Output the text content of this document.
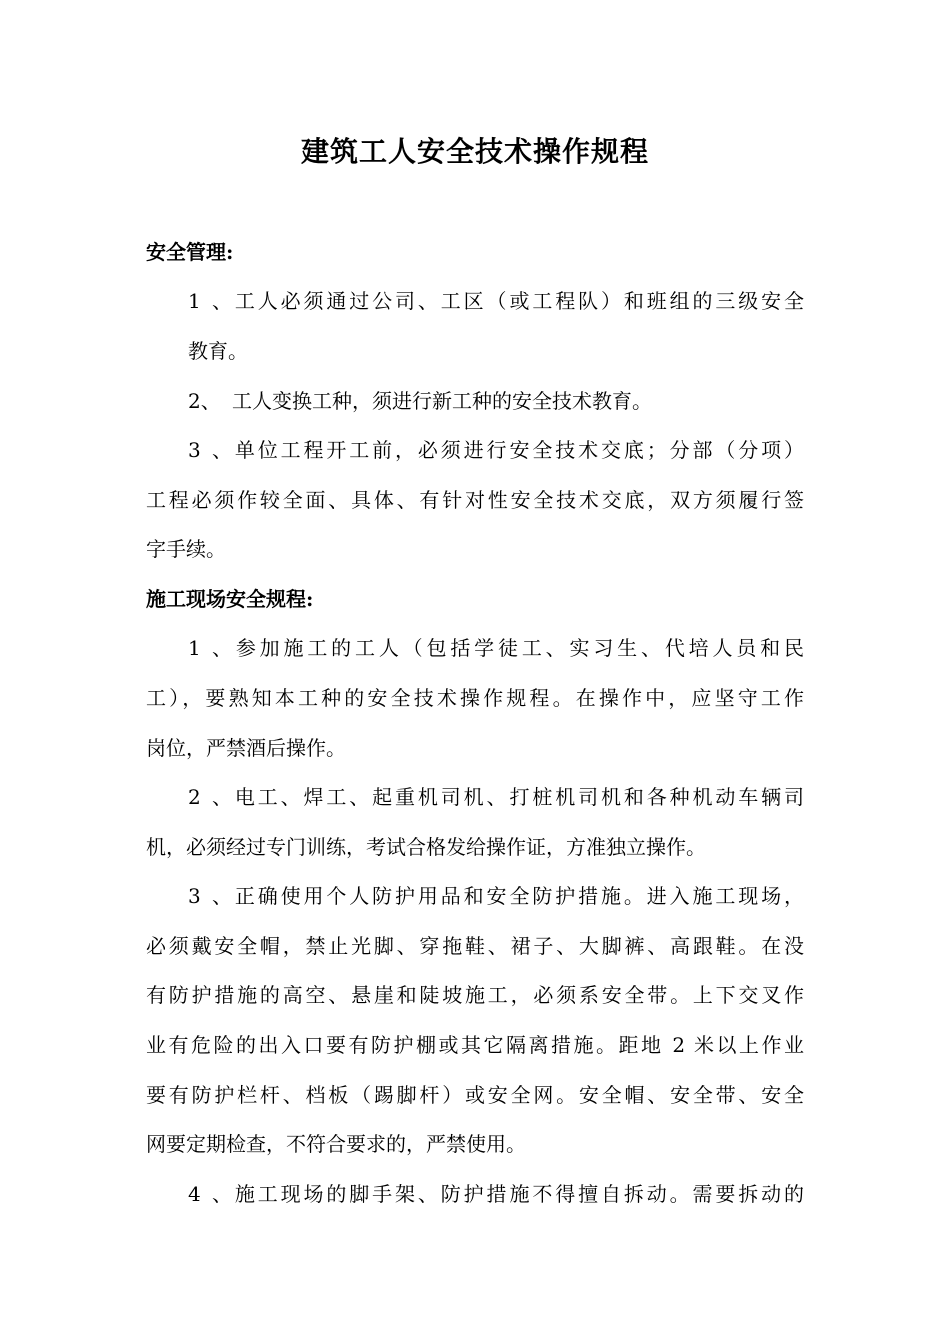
建筑工人安全技术操作规程
安全管理:
1、工人必须通过公司、工区（或工程队）和班组的三级安全
教育。
2、 工人变换工种，须进行新工种的安全技术教育。
3、单位工程开工前，必须进行安全技术交底；分部（分项）
工程必须作较全面、具体、有针对性安全技术交底，双方须履行签
字手续。
施工现场安全规程:
1、参加施工的工人（包括学徒工、实习生、代培人员和民
工），要熟知本工种的安全技术操作规程。在操作中，应坚守工作
岗位，严禁酒后操作。
2、电工、焊工、起重机司机、打桩机司机和各种机动车辆司
机，必须经过专门训练，考试合格发给操作证，方准独立操作。
3、正确使用个人防护用品和安全防护措施。进入施工现场，
必须戴安全帽，禁止光脚、穿拖鞋、裙子、大脚裤、高跟鞋。在没
有防护措施的高空、悬崖和陡坡施工，必须系安全带。上下交叉作
业有危险的出入口要有防护棚或其它隔离措施。距地 2 米以上作业
要有防护栏杆、档板（踢脚杆）或安全网。安全帽、安全带、安全
网要定期检查，不符合要求的，严禁使用。
4、施工现场的脚手架、防护措施不得擅自拆动。需要拆动的
